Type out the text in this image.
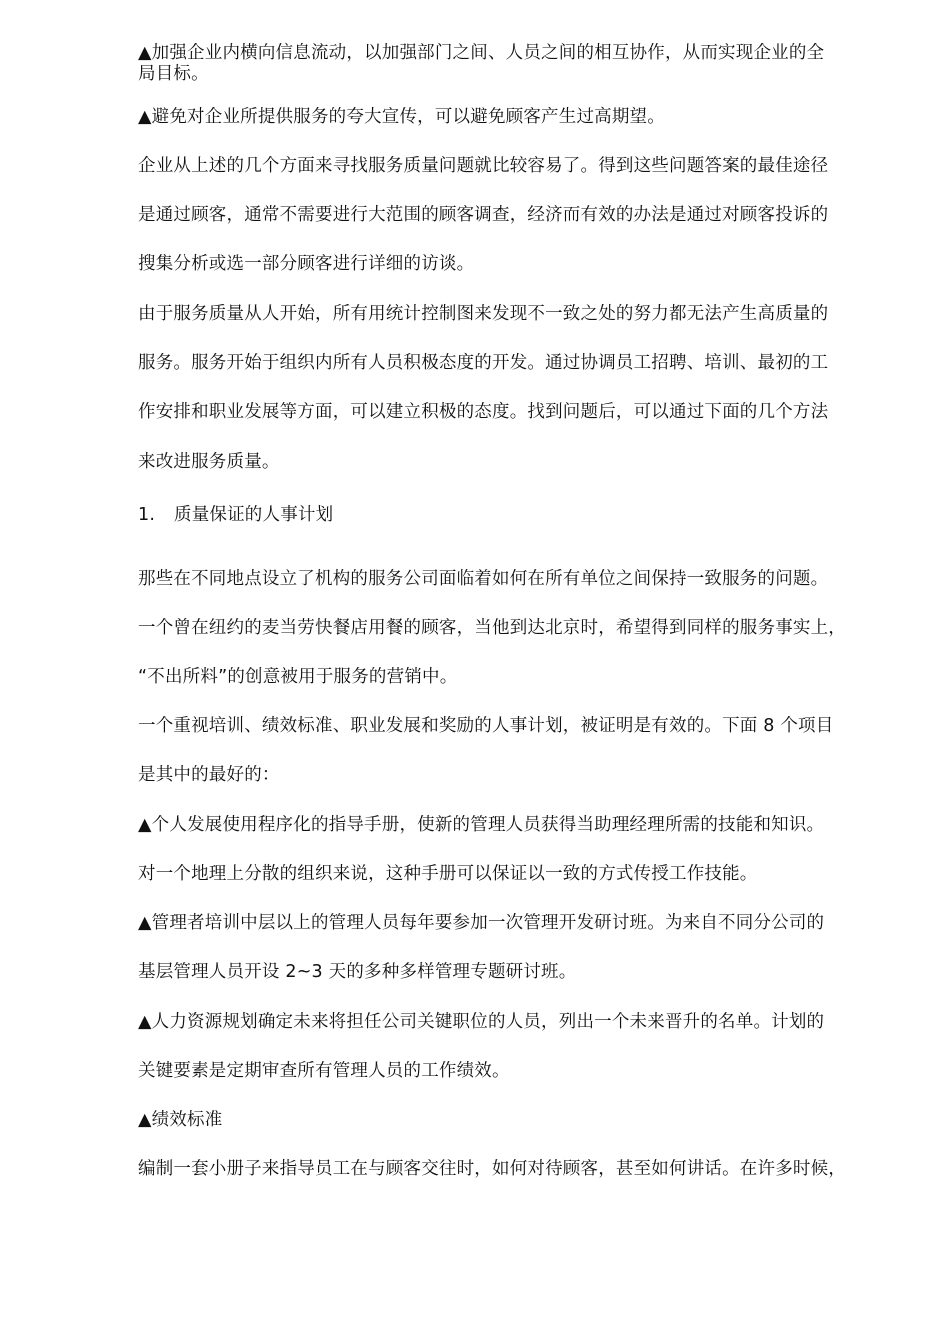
▲加强企业内横向信息流动，以加强部门之间、人员之间的相互协作，从而实现企业的全
局目标。
▲避免对企业所提供服务的夸大宣传，可以避免顾客产生过高期望。
企业从上述的几个方面来寻找服务质量问题就比较容易了。得到这些问题答案的最佳途径
是通过顾客，通常不需要进行大范围的顾客调查，经济而有效的办法是通过对顾客投诉的
搜集分析或选一部分顾客进行详细的访谈。
由于服务质量从人开始，所有用统计控制图来发现不一致之处的努力都无法产生高质量的
服务。服务开始于组织内所有人员积极态度的开发。通过协调员工招聘、培训、最初的工
作安排和职业发展等方面，可以建立积极的态度。找到问题后，可以通过下面的几个方法
来改进服务质量。
1. 质量保证的人事计划
那些在不同地点设立了机构的服务公司面临着如何在所有单位之间保持一致服务的问题。
一个曾在纽约的麦当劳快餐店用餐的顾客，当他到达北京时，希望得到同样的服务事实上，
“不出所料”的创意被用于服务的营销中。
一个重视培训、绩效标准、职业发展和奖励的人事计划，被证明是有效的。下面 8 个项目
是其中的最好的：
▲个人发展使用程序化的指导手册，使新的管理人员获得当助理经理所需的技能和知识。
对一个地理上分散的组织来说，这种手册可以保证以一致的方式传授工作技能。
▲管理者培训中层以上的管理人员每年要参加一次管理开发研讨班。为来自不同分公司的
基层管理人员开设 2~3 天的多种多样管理专题研讨班。
▲人力资源规划确定未来将担任公司关键职位的人员，列出一个未来晋升的名单。计划的
关键要素是定期审查所有管理人员的工作绩效。
▲绩效标准
编制一套小册子来指导员工在与顾客交往时，如何对待顾客，甚至如何讲话。在许多时候，
